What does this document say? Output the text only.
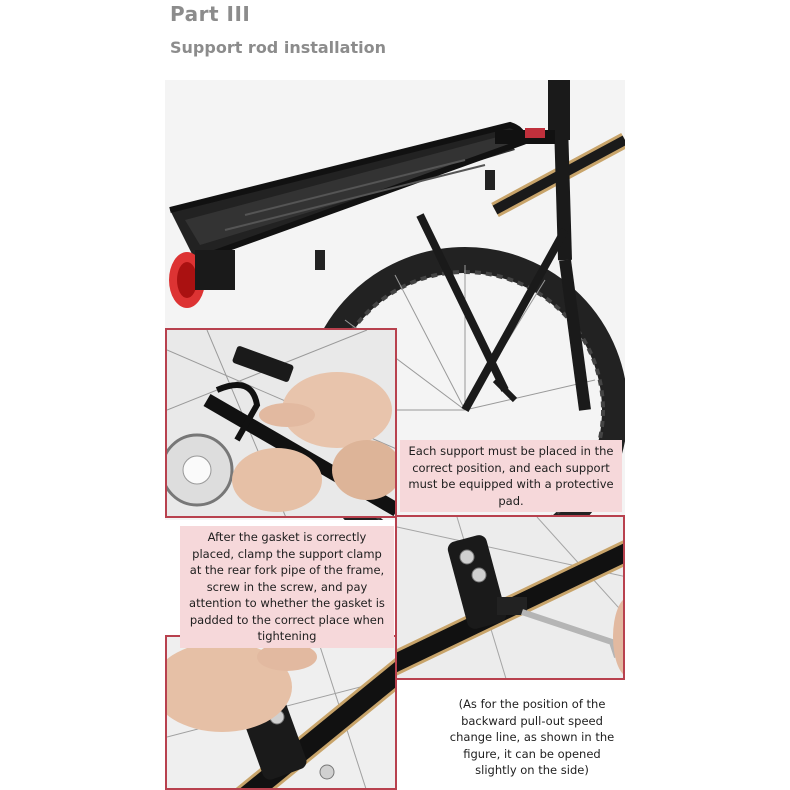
Part III
Support rod installation
Each support must be placed in the correct position, and each support must be equipped with a protective pad.
After the gasket is correctly placed, clamp the support clamp at the rear fork pipe of the frame, screw in the screw, and pay attention to whether the gasket is padded to the correct place when tightening
(As for the position of the backward pull-out speed change line, as shown in the figure, it can be opened slightly on the side)
